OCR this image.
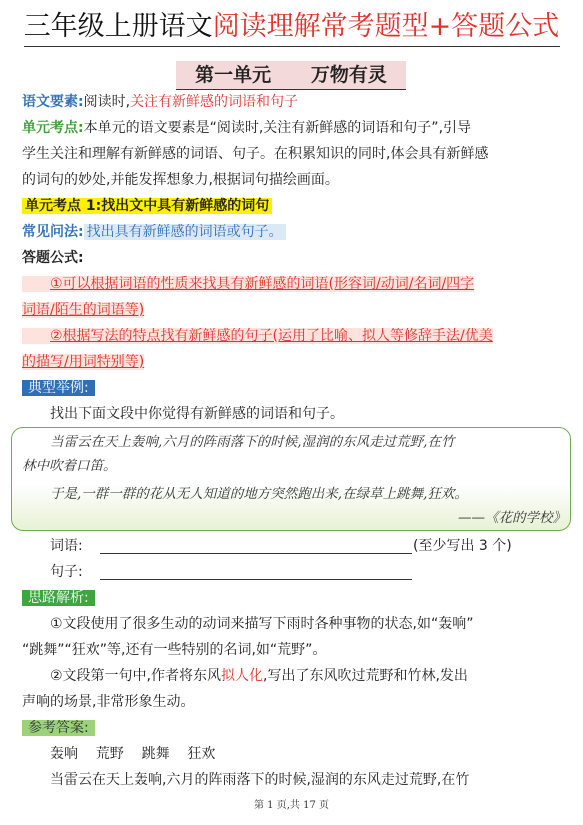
三年级上册语文阅读理解常考题型+答题公式
第一单元      万物有灵
语文要素:阅读时,关注有新鲜感的词语和句子
单元考点:本单元的语文要素是“阅读时,关注有新鲜感的词语和句子”,引导
学生关注和理解有新鲜感的词语、句子。在积累知识的同时,体会具有新鲜感
的词句的妙处,并能发挥想象力,根据词句描绘画面。
单元考点 1:找出文中具有新鲜感的词句
常见问法: 找出具有新鲜感的词语或句子。
答题公式:
①可以根据词语的性质来找具有新鲜感的词语(形容词/动词/名词/四字
词语/陌生的词语等)
②根据写法的特点找有新鲜感的句子(运用了比喻、拟人等修辞手法/优美
的描写/用词特别等)
典型举例:
找出下面文段中你觉得有新鲜感的词语和句子。
当雷云在天上轰响,六月的阵雨落下的时候,湿润的东风走过荒野,在竹
林中吹着口笛。
于是,一群一群的花从无人知道的地方突然跑出来,在绿草上跳舞,狂欢。
——《花的学校》
词语:	(至少写出 3 个)
句子:
思路解析:
①文段使用了很多生动的动词来描写下雨时各种事物的状态,如“轰响”
“跳舞”“狂欢”等,还有一些特别的名词,如“荒野”。
②文段第一句中,作者将东风拟人化,写出了东风吹过荒野和竹林,发出
声响的场景,非常形象生动。
参考答案:
轰响    荒野    跳舞    狂欢
当雷云在天上轰响,六月的阵雨落下的时候,湿润的东风走过荒野,在竹
第 1 页,共 17 页
